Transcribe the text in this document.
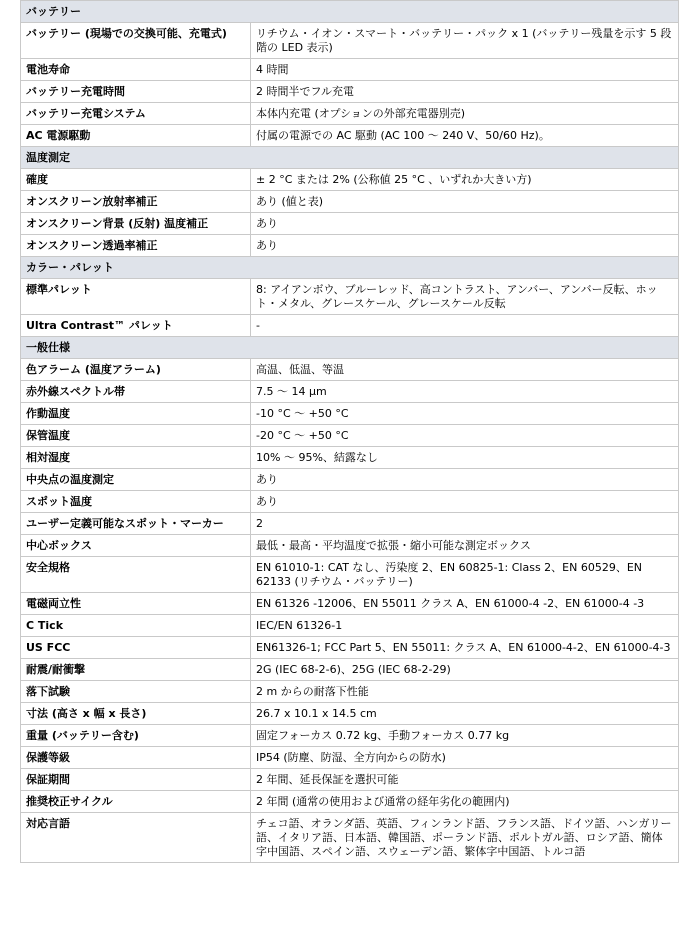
バッテリー	
バッテリー (現場での交換可能、充電式)	リチウム・イオン・スマート・バッテリー・パック x 1 (バッテリー残量を示す 5 段階の LED 表示)
電池寿命	4 時間
バッテリー充電時間	2 時間半でフル充電
バッテリー充電システム	本体内充電 (オプションの外部充電器別売)
AC 電源駆動	付属の電源での AC 駆動 (AC 100 ～ 240 V、50/60 Hz)。
温度測定	
確度	± 2 °C または 2% (公称値 25 °C 、いずれか大きい方)
オンスクリーン放射率補正	あり (値と表)
オンスクリーン背景 (反射) 温度補正	あり
オンスクリーン透過率補正	あり
カラー・パレット	
標準パレット	8: アイアンボウ、ブルーレッド、高コントラスト、アンバー、アンバー反転、ホット・メタル、グレースケール、グレースケール反転
Ultra Contrast™ パレット	-
一般仕様	
色アラーム (温度アラーム)	高温、低温、等温
赤外線スペクトル帯	7.5 ～ 14 μm
作動温度	-10 °C ～ +50 °C
保管温度	-20 °C ～ +50 °C
相対湿度	10% ～ 95%、結露なし
中央点の温度測定	あり
スポット温度	あり
ユーザー定義可能なスポット・マーカー	2
中心ボックス	最低・最高・平均温度で拡張・縮小可能な測定ボックス
安全規格	EN 61010-1: CAT なし、汚染度 2、EN 60825-1: Class 2、EN 60529、EN 62133 (リチウム・バッテリー)
電磁両立性	EN 61326 -12006、EN 55011 クラス A、EN 61000-4 -2、EN 61000-4 -3
C Tick	IEC/EN 61326-1
US FCC	EN61326-1; FCC Part 5、EN 55011: クラス A、EN 61000-4-2、EN 61000-4-3
耐震/耐衝撃	2G (IEC 68-2-6)、25G (IEC 68-2-29)
落下試験	2 m からの耐落下性能
寸法 (高さ x 幅 x 長さ)	26.7 x 10.1 x 14.5 cm
重量 (バッテリー含む)	固定フォーカス 0.72 kg、手動フォーカス 0.77 kg
保護等級	IP54 (防塵、防湿、全方向からの防水)
保証期間	2 年間、延長保証を選択可能
推奨校正サイクル	2 年間 (通常の使用および通常の経年劣化の範囲内)
対応言語	チェコ語、オランダ語、英語、フィンランド語、フランス語、ドイツ語、ハンガリー語、イタリア語、日本語、韓国語、ポーランド語、ポルトガル語、ロシア語、簡体字中国語、スペイン語、スウェーデン語、繁体字中国語、トルコ語
